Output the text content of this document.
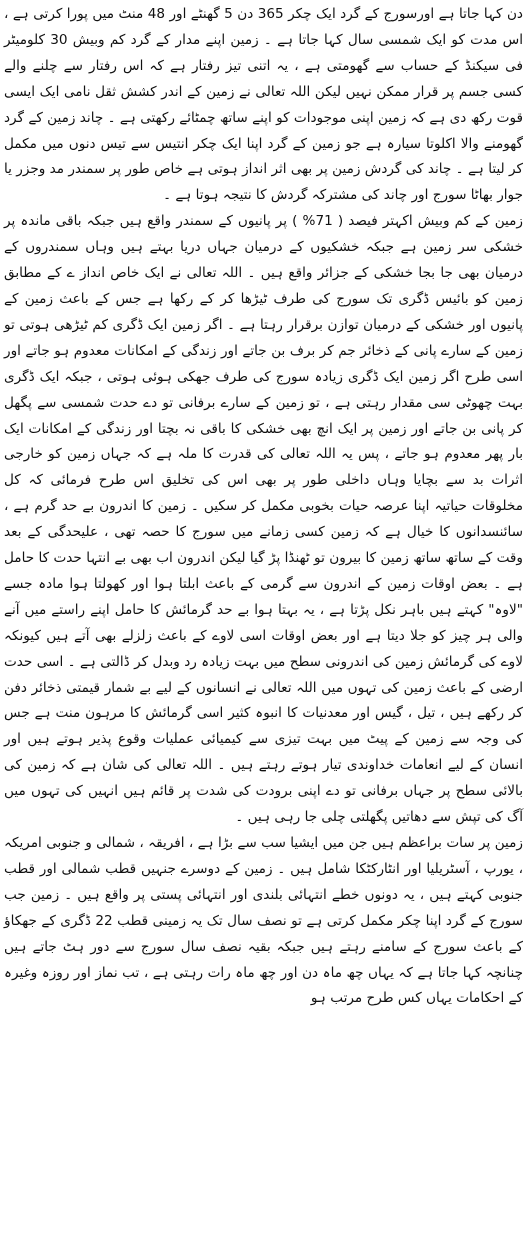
دن کہا جاتا ہے اورسورج کے گرد ایک چکر 365 دن 5 گھنٹے اور 48 منٹ میں پورا کرتی ہے ، اس مدت کو ایک شمسی سال کہا جاتا ہے ۔ زمین اپنے مدار کے گرد کم وبیش 30 کلومیٹر فی سیکنڈ کے حساب سے گھومتی ہے ، یہ اتنی تیز رفتار ہے کہ اس رفتار سے چلنے والے کسی جسم پر قرار ممکن نہیں لیکن اللہ تعالی نے زمین کے اندر کشش ثقل نامی ایک ایسی قوت رکھ دی ہے کہ زمین اپنی موجودات کو اپنے ساتھ چمٹائے رکھتی ہے ۔ چاند زمین کے گرد گھومنے والا اکلوتا سیارہ ہے جو زمین کے گرد اپنا ایک چکر انتیس سے تیس دنوں میں مکمل کر لیتا ہے ۔ چاند کی گردش زمین پر بھی اثر انداز ہوتی ہے خاص طور پر سمندر مد وجزر یا جوار بھاٹا سورج اور چاند کی مشترکہ گردش کا نتیجہ ہوتا ہے ۔

زمین کے کم وبیش اکہتر فیصد ( 71% ) پر پانیوں کے سمندر واقع ہیں جبکہ باقی ماندہ پر خشکی سر زمین ہے جبکہ خشکیوں کے درمیان جہاں دریا بہتے ہیں وہاں سمندروں کے درمیان بھی جا بجا خشکی کے جزائر واقع ہیں ۔ اللہ تعالی نے ایک خاص انداز ے کے مطابق زمین کو بائیس ڈگری تک سورج کی طرف ٹیڑھا کر کے رکھا ہے جس کے باعث زمین کے پانیوں اور خشکی کے درمیان توازن برقرار رہتا ہے ۔ اگر زمین ایک ڈگری کم ٹیڑھی ہوتی تو زمین کے سارے پانی کے ذخائر جم کر برف بن جاتے اور زندگی کے امکانات معدوم ہو جاتے اور اسی طرح اگر زمین ایک ڈگری زیادہ سورج کی طرف جھکی ہوئی ہوتی ، جبکہ ایک ڈگری بہت چھوٹی سی مقدار رہتی ہے ، تو زمین کے سارے برفانی تو دے حدت شمسی سے پگھل کر پانی بن جاتے اور زمین پر ایک انچ بھی خشکی کا باقی نہ بچتا اور زندگی کے امکانات ایک بار پھر معدوم ہو جاتے ، پس یہ اللہ تعالی کی قدرت کا ملہ ہے کہ جہاں زمین کو خارجی اثرات بد سے بچایا وہاں داخلی طور پر بھی اس کی تخلیق اس طرح فرمائی کہ کل مخلوقات حیاتیہ اپنا عرصہ حیات بخوبی مکمل کر سکیں ۔ زمین کا اندرون بے حد گرم ہے ، سائنسدانوں کا خیال ہے کہ زمین کسی زمانے میں سورج کا حصہ تھی ، علیحدگی کے بعد وقت کے ساتھ ساتھ زمین کا بیرون تو ٹھنڈا پڑ گیا لیکن اندرون اب بھی بے انتہا حدت کا حامل ہے ۔ بعض اوقات زمین کے اندرون سے گرمی کے باعث ابلتا ہوا اور کھولتا ہوا مادہ جسے "لاوہ" کہتے ہیں باہر نکل پڑتا ہے ، یہ بہتا ہوا بے حد گرمائش کا حامل اپنے راستے میں آنے والی ہر چیز کو جلا دیتا ہے اور بعض اوقات اسی لاوے کے باعث زلزلے بھی آتے ہیں کیونکہ لاوے کی گرمائش زمین کی اندرونی سطح میں بہت زیادہ رد وبدل کر ڈالتی ہے ۔ اسی حدت ارضی کے باعث زمین کی تہوں میں اللہ تعالی نے انسانوں کے لیے بے شمار قیمتی ذخائر دفن کر رکھے ہیں ، تیل ، گیس اور معدنیات کا انبوہ کثیر اسی گرمائش کا مرہون منت ہے جس کی وجہ سے زمین کے پیٹ میں بہت تیزی سے کیمیائی عملیات وقوع پذیر ہوتے ہیں اور انسان کے لیے انعامات خداوندی تیار ہوتے رہتے ہیں ۔ اللہ تعالی کی شان ہے کہ زمین کی بالائی سطح پر جہاں برفانی تو دے اپنی برودت کی شدت پر قائم ہیں انہیں کی تہوں میں آگ کی تپش سے دھاتیں پگھلتی چلی جا رہی ہیں ۔

زمین پر سات براعظم ہیں جن میں ایشیا سب سے بڑا ہے ، افریقہ ، شمالی و جنوبی امریکہ ، یورپ ، آسٹریلیا اور انٹارکٹکا شامل ہیں ۔ زمین کے دوسرے جنہیں قطب شمالی اور قطب جنوبی کہتے ہیں ، یہ دونوں خطے انتہائی بلندی اور انتہائی پستی پر واقع ہیں ۔ زمین جب سورج کے گرد اپنا چکر مکمل کرتی ہے تو نصف سال تک یہ زمینی قطب 22 ڈگری کے جھکاؤ کے باعث سورج کے سامنے رہتے ہیں جبکہ بقیہ نصف سال سورج سے دور ہٹ جاتے ہیں چنانچہ کہا جاتا ہے کہ یہاں چھ ماہ دن اور چھ ماہ رات رہتی ہے ، تب نماز اور روزہ وغیرہ کے احکامات یہاں کس طرح مرتب ہو
